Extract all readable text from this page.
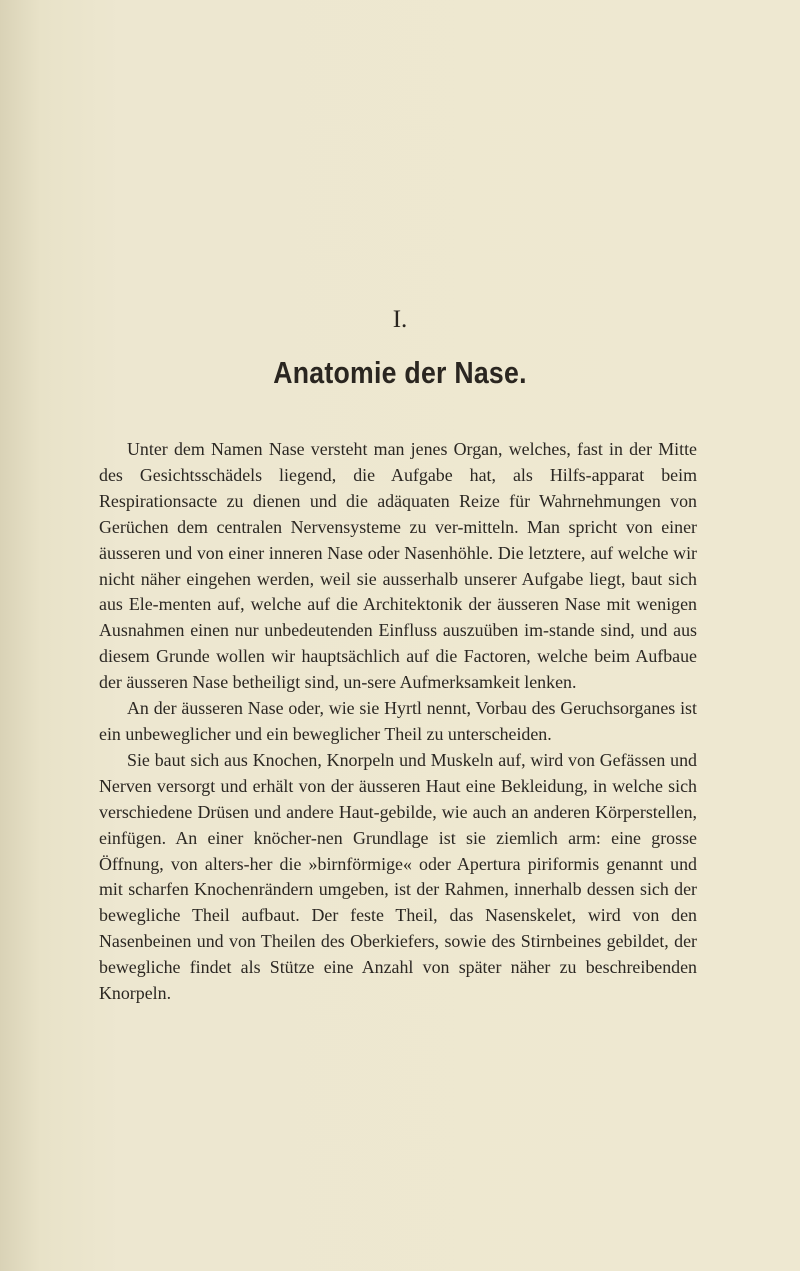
I.
Anatomie der Nase.

Unter dem Namen Nase versteht man jenes Organ, welches, fast in der Mitte des Gesichtsschädels liegend, die Aufgabe hat, als Hilfs-apparat beim Respirationsacte zu dienen und die adäquaten Reize für Wahrnehmungen von Gerüchen dem centralen Nervensysteme zu ver-mitteln. Man spricht von einer äusseren und von einer inneren Nase oder Nasenhöhle. Die letztere, auf welche wir nicht näher eingehen werden, weil sie ausserhalb unserer Aufgabe liegt, baut sich aus Ele-menten auf, welche auf die Architektonik der äusseren Nase mit wenigen Ausnahmen einen nur unbedeutenden Einfluss auszuüben im-stande sind, und aus diesem Grunde wollen wir hauptsächlich auf die Factoren, welche beim Aufbaue der äusseren Nase betheiligt sind, un-sere Aufmerksamkeit lenken.

An der äusseren Nase oder, wie sie Hyrtl nennt, Vorbau des Geruchsorganes ist ein unbeweglicher und ein beweglicher Theil zu unterscheiden.

Sie baut sich aus Knochen, Knorpeln und Muskeln auf, wird von Gefässen und Nerven versorgt und erhält von der äusseren Haut eine Bekleidung, in welche sich verschiedene Drüsen und andere Haut-gebilde, wie auch an anderen Körperstellen, einfügen. An einer knöcher-nen Grundlage ist sie ziemlich arm: eine grosse Öffnung, von alters-her die »birnförmige« oder Apertura piriformis genannt und mit scharfen Knochenrändern umgeben, ist der Rahmen, innerhalb dessen sich der bewegliche Theil aufbaut. Der feste Theil, das Nasenskelet, wird von den Nasenbeinen und von Theilen des Oberkiefers, sowie des Stirnbeines gebildet, der bewegliche findet als Stütze eine Anzahl von später näher zu beschreibenden Knorpeln.
